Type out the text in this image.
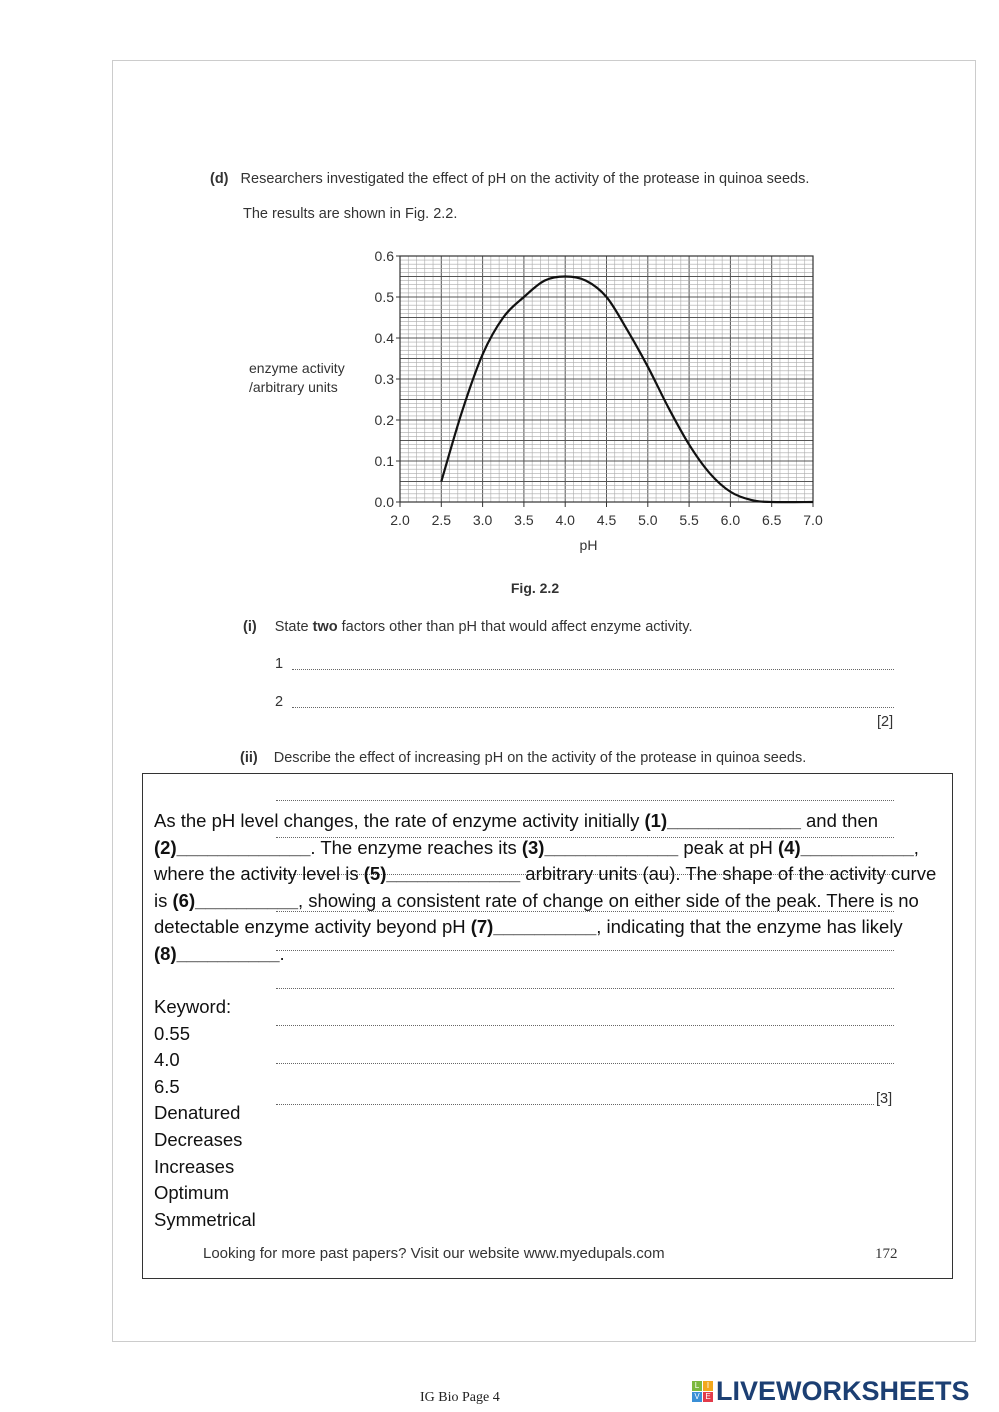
(d) Researchers investigated the effect of pH on the activity of the protease in quinoa seeds.
The results are shown in Fig. 2.2.
2.0 2.5 3.0 3.5 4.0 4.5 5.0 5.5 6.0 6.5 7.0
0.0
0.1
0.2
0.3
0.4
0.5
0.6
pH
enzyme activity
/arbitrary units
Fig. 2.2
(i) State two factors other than pH that would affect enzyme activity.
1
2
[2]
(ii) Describe the effect of increasing pH on the activity of the protease in quinoa seeds.
[3]
As the pH level changes, the rate of enzyme activity initially (1)_____________ and then (2)_____________. The enzyme reaches its (3)_____________ peak at pH (4)___________, where the activity level is (5)_____________ arbitrary units (au). The shape of the activity curve is (6)__________, showing a consistent rate of change on either side of the peak. There is no detectable enzyme activity beyond pH (7)__________, indicating that the enzyme has likely (8)__________.
Keyword:
0.55
4.0
6.5
Denatured
Decreases
Increases
Optimum
Symmetrical
Looking for more past papers? Visit our website www.myedupals.com	172
IG Bio Page 4
L I
V E LIVEWORKSHEETS
